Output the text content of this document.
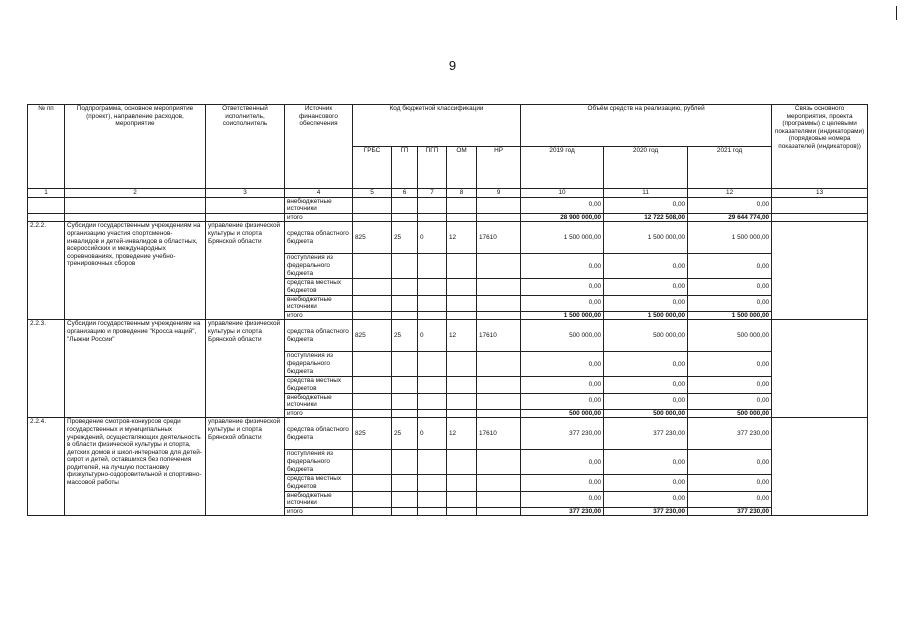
9
№ пп	Подпрограмма, основное мероприятие (проект), направление расходов, мероприятие	Ответственный исполнитель, соисполнитель	Источник финансового обеспечения	Код бюджетной классификации					Объём средств на реализацию, рублей			Связь основного мероприятия, проекта (программы) с целевыми показателями (индикаторами) (порядковые номера показателей (индикаторов))
				ГРБС	ГП	ПГП	ОМ	НР	2019 год	2020 год	2021 год	
1	2	3	4	5	6	7	8	9	10	11	12	13
			внебюджетные источники						0,00	0,00	0,00	
			итого						28 900 000,00	12 722 508,00	29 644 774,00	
2.2.2.	Субсидии государственным учреждениям на организацию участия спортсменов-инвалидов и детей-инвалидов в областных, всероссийских и международных соревнованиях, проведение учебно-тренировочных сборов	управление физической культуры и спорта Брянской области	средства областного бюджета	825	25	0	12	17610	1 500 000,00	1 500 000,00	1 500 000,00	
			поступления из федерального бюджета						0,00	0,00	0,00	
			средства местных бюджетов						0,00	0,00	0,00	
			внебюджетные источники						0,00	0,00	0,00	
			итого						1 500 000,00	1 500 000,00	1 500 000,00	
2.2.3.	Субсидии государственным учреждениям на организацию и проведение "Кросса наций", "Лыжни России"	управление физической культуры и спорта Брянской области	средства областного бюджета	825	25	0	12	17610	500 000,00	500 000,00	500 000,00	
			поступления из федерального бюджета						0,00	0,00	0,00	
			средства местных бюджетов						0,00	0,00	0,00	
			внебюджетные источники						0,00	0,00	0,00	
			итого						500 000,00	500 000,00	500 000,00	
2.2.4.	Проведение смотров-конкурсов среди государственных и муниципальных учреждений, осуществляющих деятельность в области физической культуры и спорта, детских домов и школ-интернатов для детей-сирот и детей, оставшихся без попечения родителей, на лучшую постановку физкультурно-оздоровительной и спортивно-массовой работы	управление физической культуры и спорта Брянской области	средства областного бюджета	825	25	0	12	17610	377 230,00	377 230,00	377 230,00	
			поступления из федерального бюджета						0,00	0,00	0,00	
			средства местных бюджетов						0,00	0,00	0,00	
			внебюджетные источники						0,00	0,00	0,00	
			итого						377 230,00	377 230,00	377 230,00	
